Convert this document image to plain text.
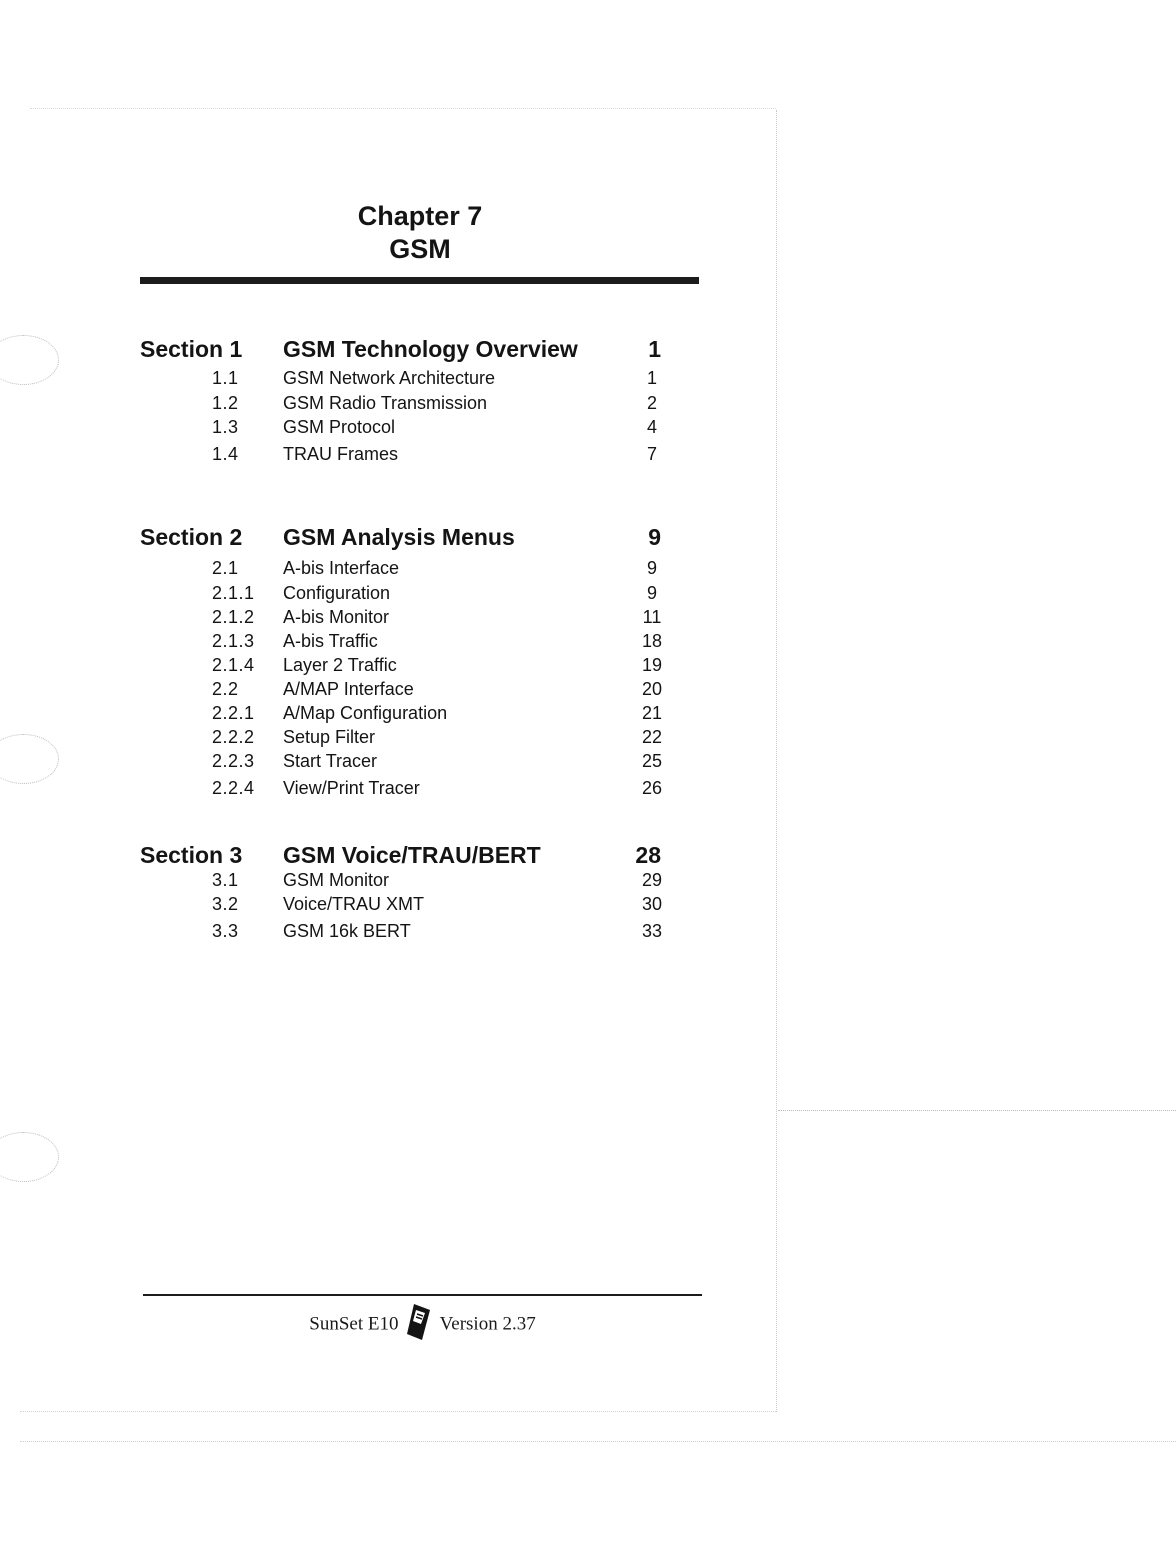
Chapter 7
GSM
Section 1 GSM Technology Overview	1
1.1 GSM Network Architecture	1
1.2 GSM Radio Transmission	2
1.3 GSM Protocol	4
1.4 TRAU Frames	7
Section 2 GSM Analysis Menus	9
2.1 A-bis Interface	9
2.1.1 Configuration	9
2.1.2 A-bis Monitor	11
2.1.3 A-bis Traffic	18
2.1.4 Layer 2 Traffic	19
2.2 A/MAP Interface	20
2.2.1 A/Map Configuration	21
2.2.2 Setup Filter	22
2.2.3 Start Tracer	25
2.2.4 View/Print Tracer	26
Section 3 GSM Voice/TRAU/BERT	28
3.1 GSM Monitor	29
3.2 Voice/TRAU XMT	30
3.3 GSM 16k BERT	33
SunSet E10 Version 2.37
